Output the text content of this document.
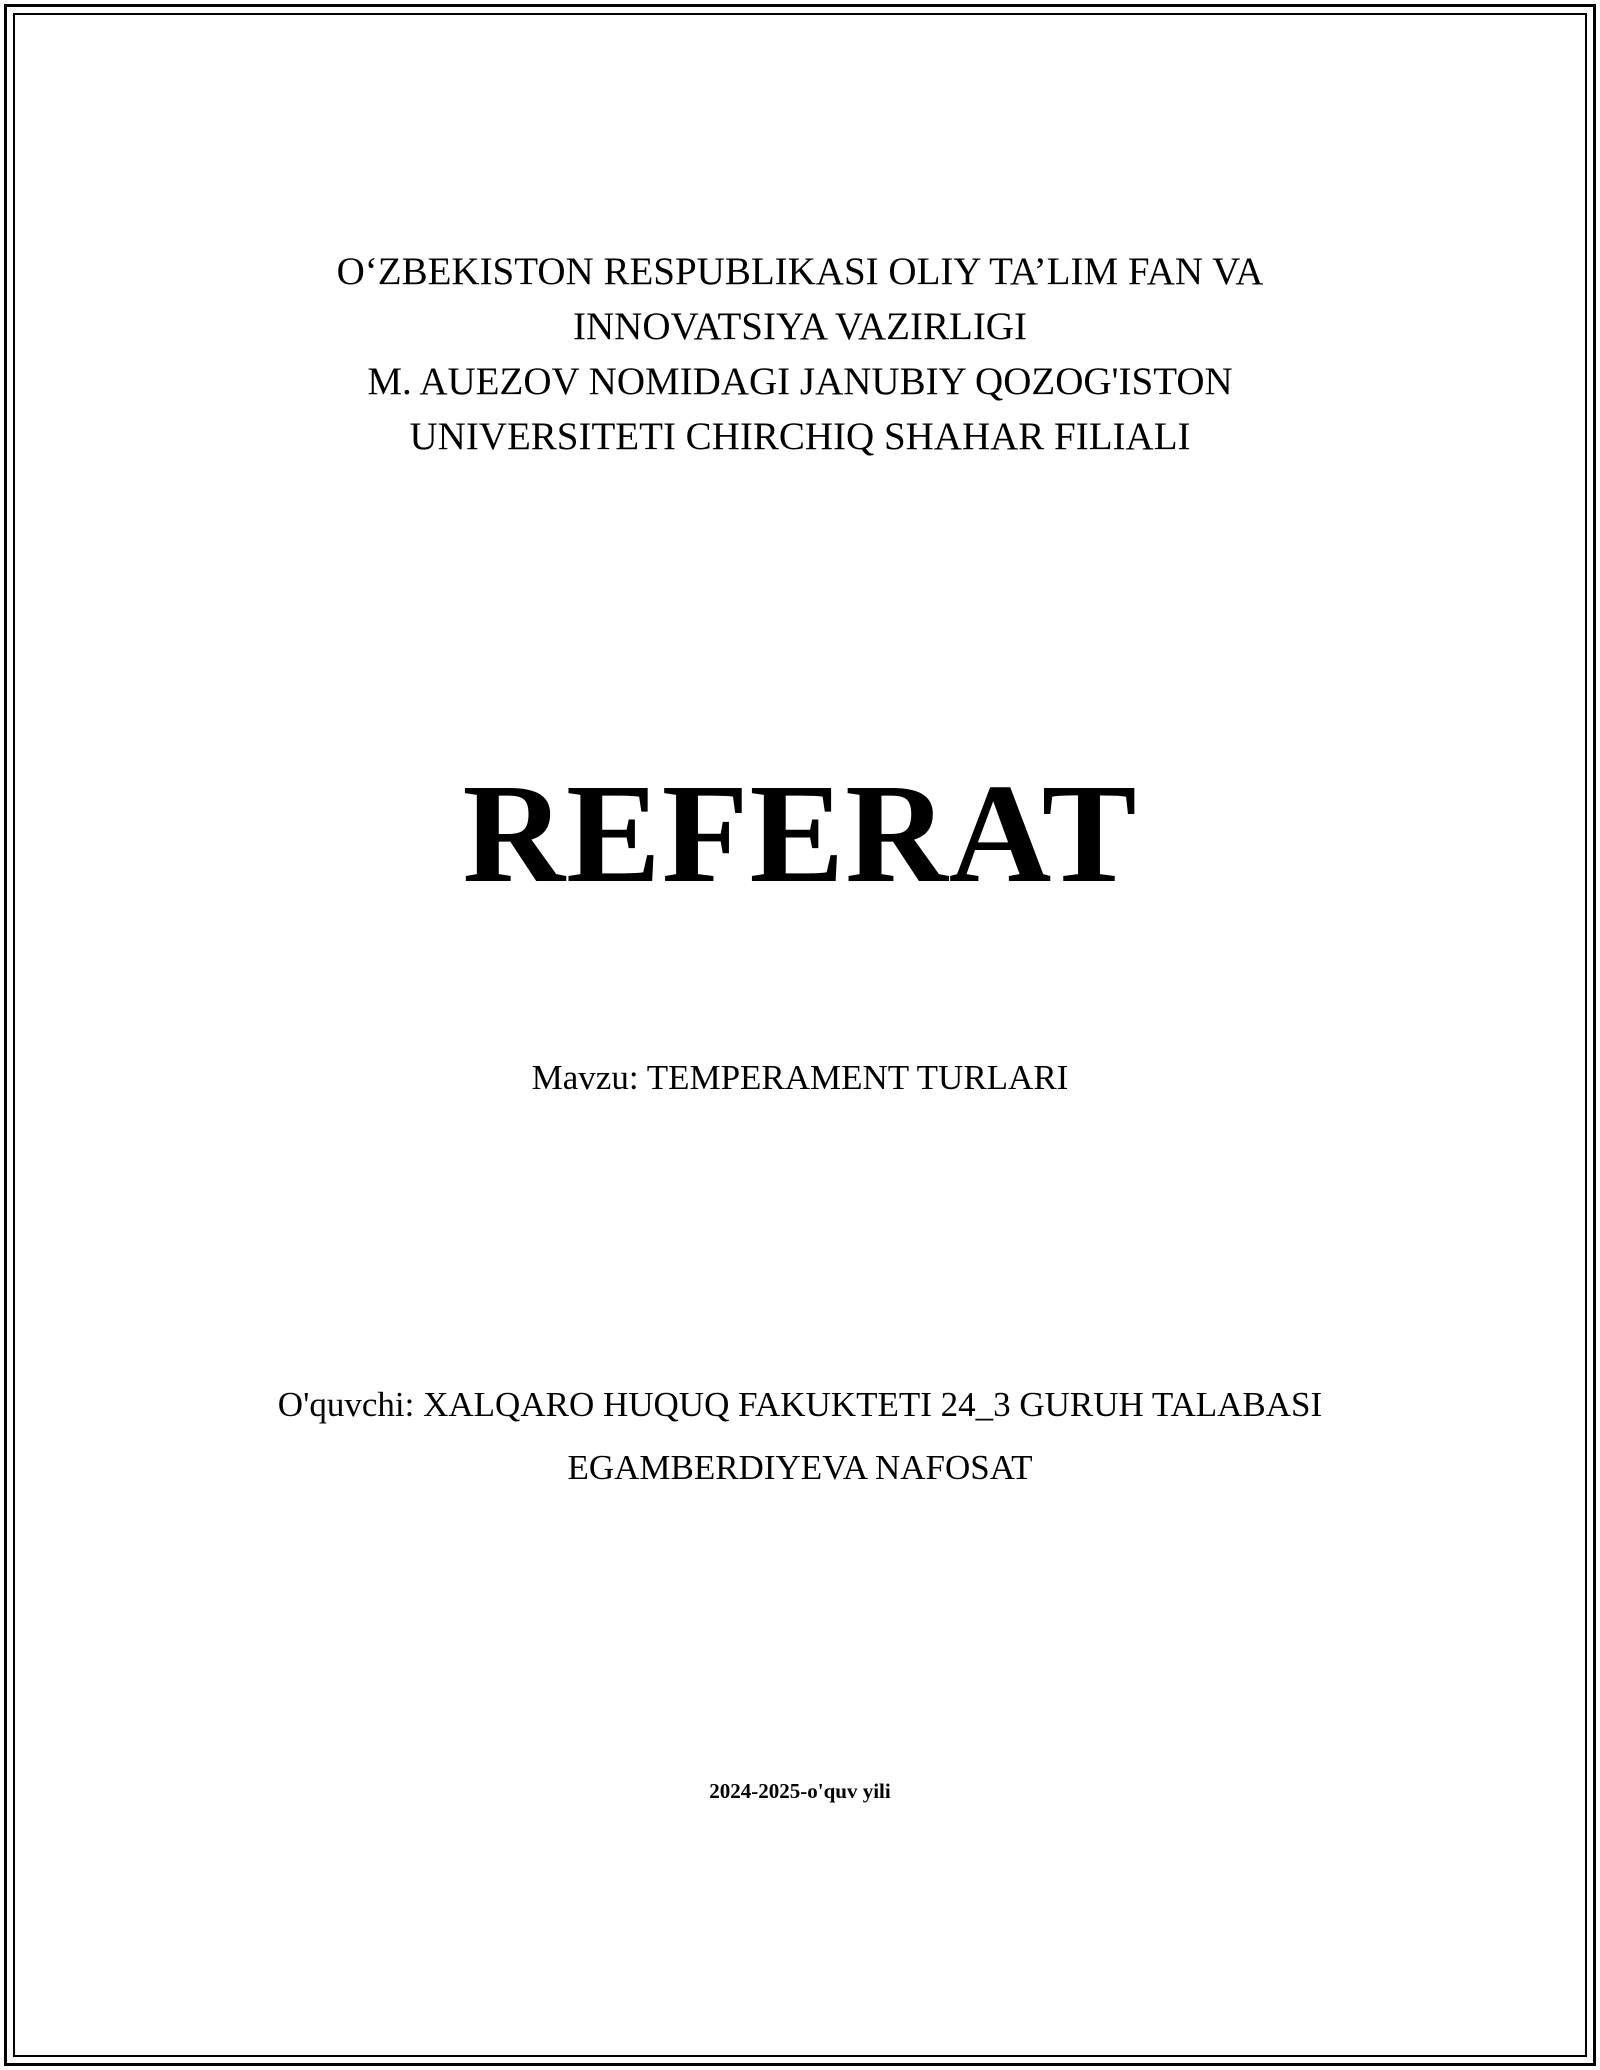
O‘ZBEKISTON RESPUBLIKASI OLIY TA’LIM FAN VA
INNOVATSIYA VAZIRLIGI
M. AUEZOV NOMIDAGI JANUBIY QOZOG'ISTON
UNIVERSITETI CHIRCHIQ SHAHAR FILIALI
REFERAT
Mavzu: TEMPERAMENT TURLARI
O'quvchi: XALQARO HUQUQ FAKUKTETI 24_3 GURUH TALABASI
EGAMBERDIYEVA NAFOSAT
2024-2025-o'quv yili
